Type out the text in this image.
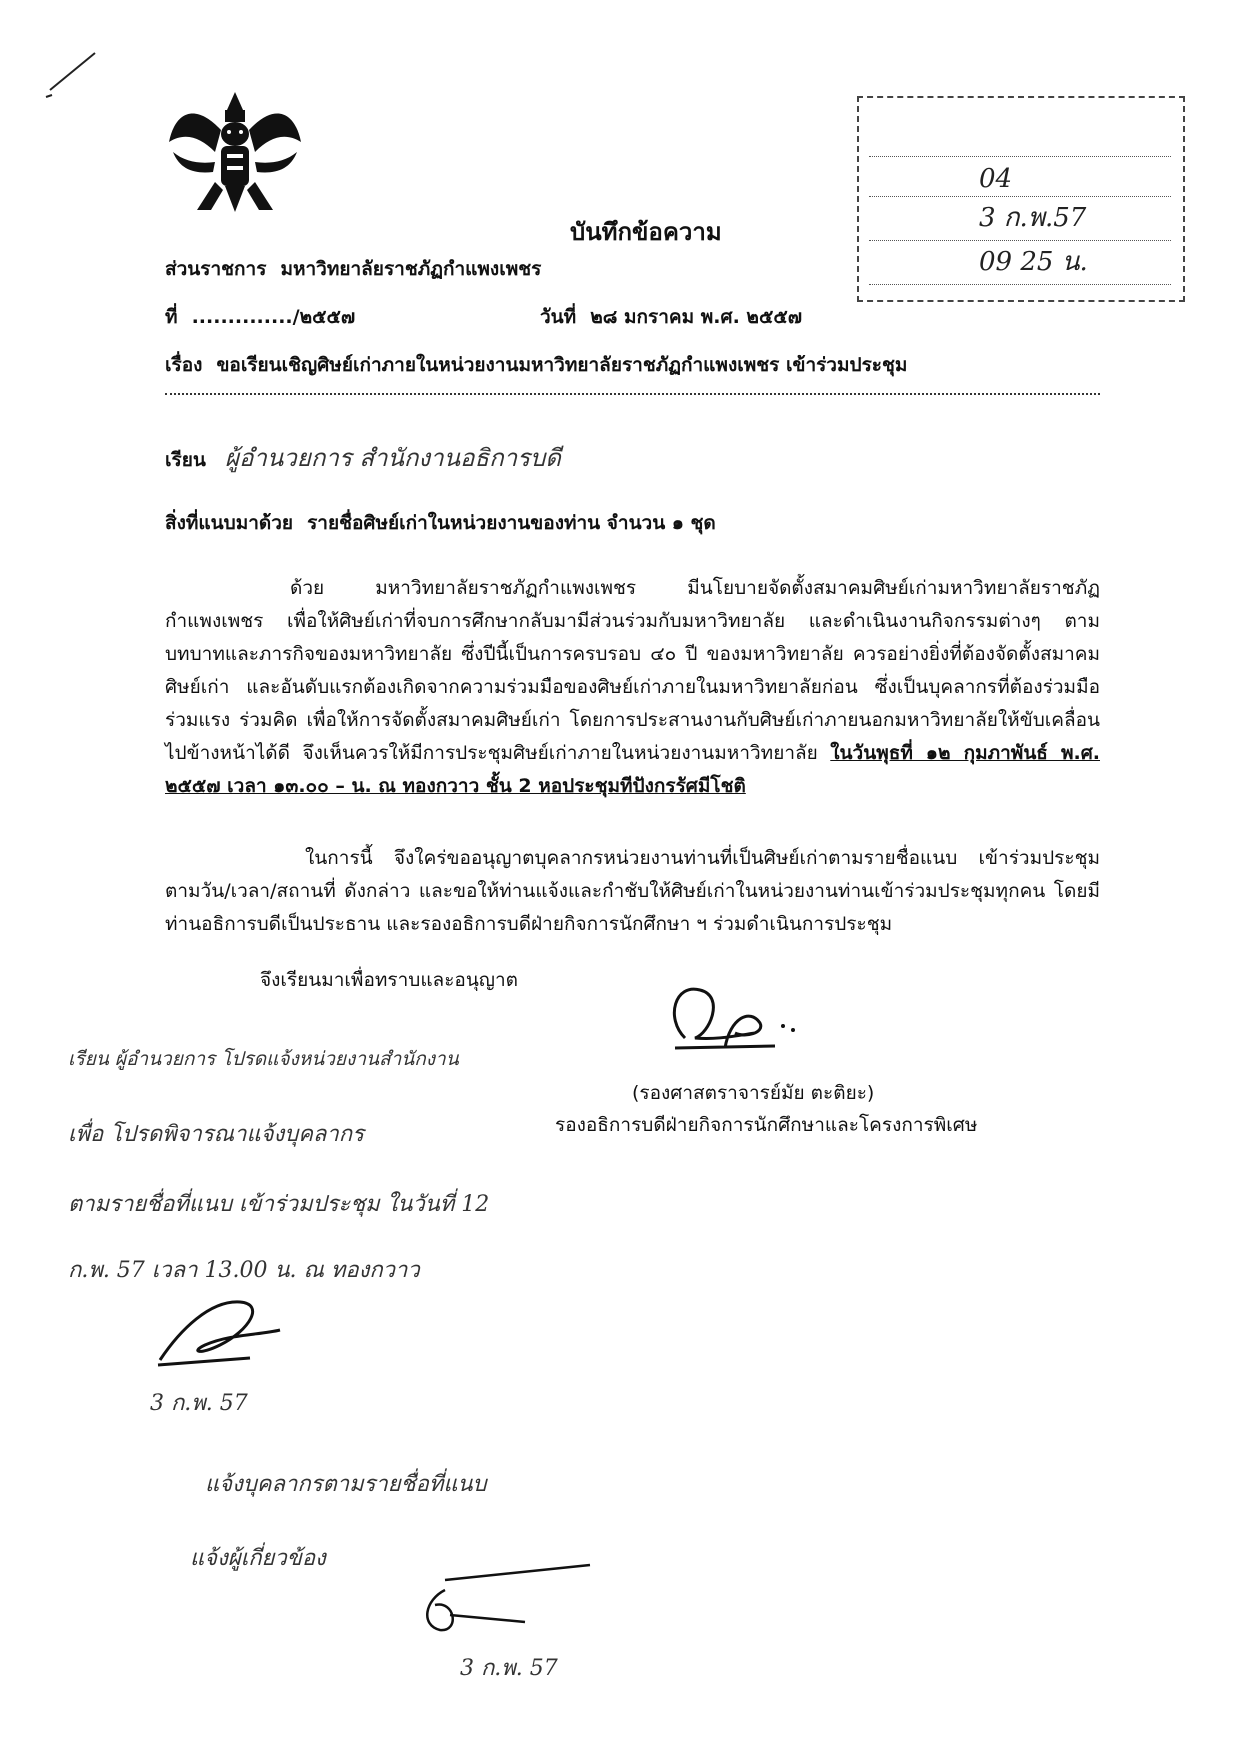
04
3 ก.พ.57
09 25 น.
บันทึกข้อความ
ส่วนราชการ มหาวิทยาลัยราชภัฏกำแพงเพชร
ที่ ............../๒๕๕๗	วันที่ ๒๘ มกราคม พ.ศ. ๒๕๕๗
เรื่อง ขอเรียนเชิญศิษย์เก่าภายในหน่วยงานมหาวิทยาลัยราชภัฏกำแพงเพชร เข้าร่วมประชุม
เรียน ผู้อำนวยการ สำนักงานอธิการบดี
สิ่งที่แนบมาด้วย รายชื่อศิษย์เก่าในหน่วยงานของท่าน จำนวน ๑ ชุด
ด้วย มหาวิทยาลัยราชภัฏกำแพงเพชร มีนโยบายจัดตั้งสมาคมศิษย์เก่ามหาวิทยาลัยราชภัฏกำแพงเพชร เพื่อให้ศิษย์เก่าที่จบการศึกษากลับมามีส่วนร่วมกับมหาวิทยาลัย และดำเนินงานกิจกรรมต่างๆ ตามบทบาทและภารกิจของมหาวิทยาลัย ซึ่งปีนี้เป็นการครบรอบ ๔๐ ปี ของมหาวิทยาลัย ควรอย่างยิ่งที่ต้องจัดตั้งสมาคมศิษย์เก่า และอันดับแรกต้องเกิดจากความร่วมมือของศิษย์เก่าภายในมหาวิทยาลัยก่อน ซึ่งเป็นบุคลากรที่ต้องร่วมมือร่วมแรง ร่วมคิด เพื่อให้การจัดตั้งสมาคมศิษย์เก่า โดยการประสานงานกับศิษย์เก่าภายนอกมหาวิทยาลัยให้ขับเคลื่อนไปข้างหน้าได้ดี จึงเห็นควรให้มีการประชุมศิษย์เก่าภายในหน่วยงานมหาวิทยาลัย ในวันพุธที่ ๑๒ กุมภาพันธ์ พ.ศ. ๒๕๕๗ เวลา ๑๓.๐๐ – น. ณ ทองกวาว ชั้น 2 หอประชุมทีปังกรรัศมีโชติ
ในการนี้ จึงใคร่ขออนุญาตบุคลากรหน่วยงานท่านที่เป็นศิษย์เก่าตามรายชื่อแนบ เข้าร่วมประชุมตามวัน/เวลา/สถานที่ ดังกล่าว และขอให้ท่านแจ้งและกำชับให้ศิษย์เก่าในหน่วยงานท่านเข้าร่วมประชุมทุกคน โดยมีท่านอธิการบดีเป็นประธาน และรองอธิการบดีฝ่ายกิจการนักศึกษา ฯ ร่วมดำเนินการประชุม
จึงเรียนมาเพื่อทราบและอนุญาต
(รองศาสตราจารย์มัย ตะติยะ)
รองอธิการบดีฝ่ายกิจการนักศึกษาและโครงการพิเศษ
เรียน ผู้อำนวยการ โปรดแจ้งหน่วยงานสำนักงาน
เพื่อ โปรดพิจารณาแจ้งบุคลากร
ตามรายชื่อที่แนบ เข้าร่วมประชุม ในวันที่ 12
ก.พ. 57 เวลา 13.00 น. ณ ทองกวาว
3 ก.พ. 57
แจ้งบุคลากรตามรายชื่อที่แนบ
แจ้งผู้เกี่ยวข้อง
3 ก.พ. 57
